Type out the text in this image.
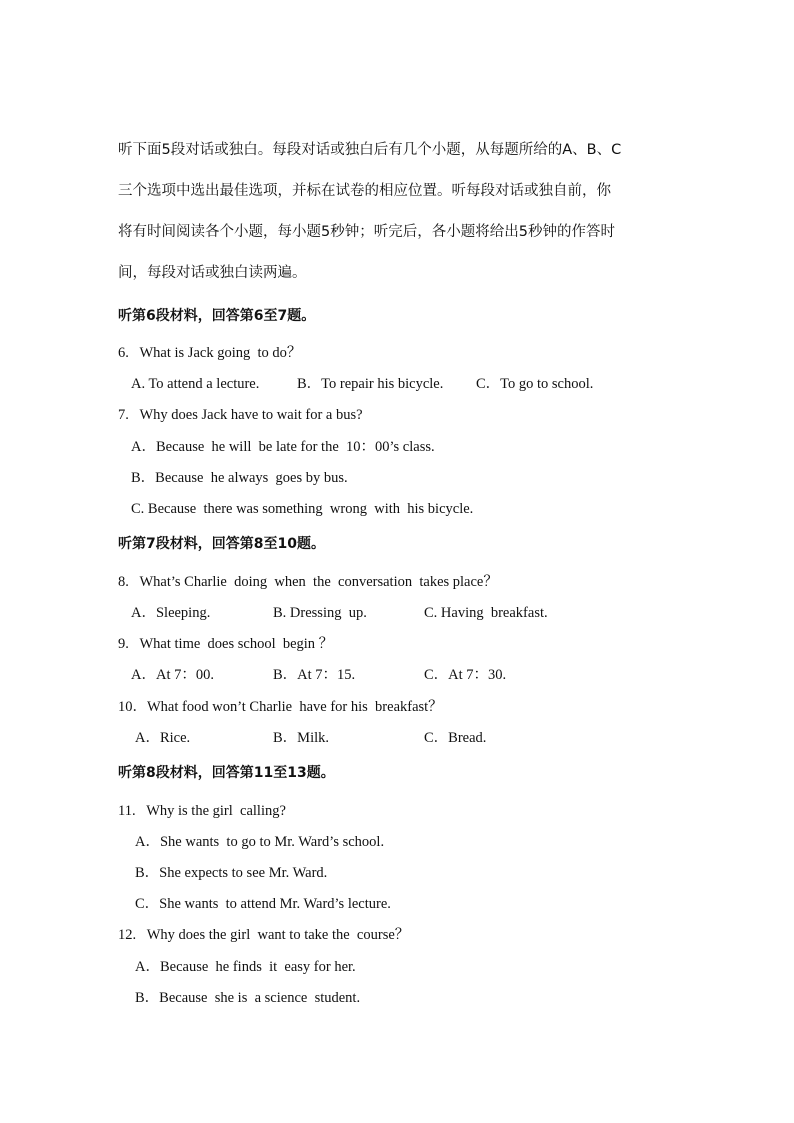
听下面5段对话或独白。每段对话或独白后有几个小题，从每题所给的A、B、C
三个选项中选出最佳选项，并标在试卷的相应位置。听每段对话或独自前，你
将有时间阅读各个小题，每小题5秒钟；听完后，各小题将给出5秒钟的作答时
间，每段对话或独白读两遍。
听第6段材料，回答第6至7题。
6.   What is Jack going  to do？
A. To attend a lecture.	B．To repair his bicycle. C．To go to school.
7.   Why does Jack have to wait for a bus?
A．Because  he will  be late for the  10：00’s class.
B．Because  he always  goes by bus.
C. Because  there was something  wrong  with  his bicycle.
听第7段材料，回答第8至10题。
8.   What’s Charlie  doing  when  the  conversation  takes place？
A．Sleeping.	B. Dressing  up.	C. Having  breakfast.
9.   What time  does school  begin ？
A．At 7：00.	B．At 7：15.	C．At 7：30.
10．What food won’t Charlie  have for his  breakfast？
A．Rice.	B．Milk.	C．Bread.
听第8段材料，回答第11至13题。
11.   Why is the girl  calling?
A．She wants  to go to Mr. Ward’s school.
B．She expects to see Mr. Ward.
C．She wants  to attend Mr. Ward’s lecture.
12.   Why does the girl  want to take the  course？
A．Because  he finds  it  easy for her.
B．Because  she is  a science  student.
